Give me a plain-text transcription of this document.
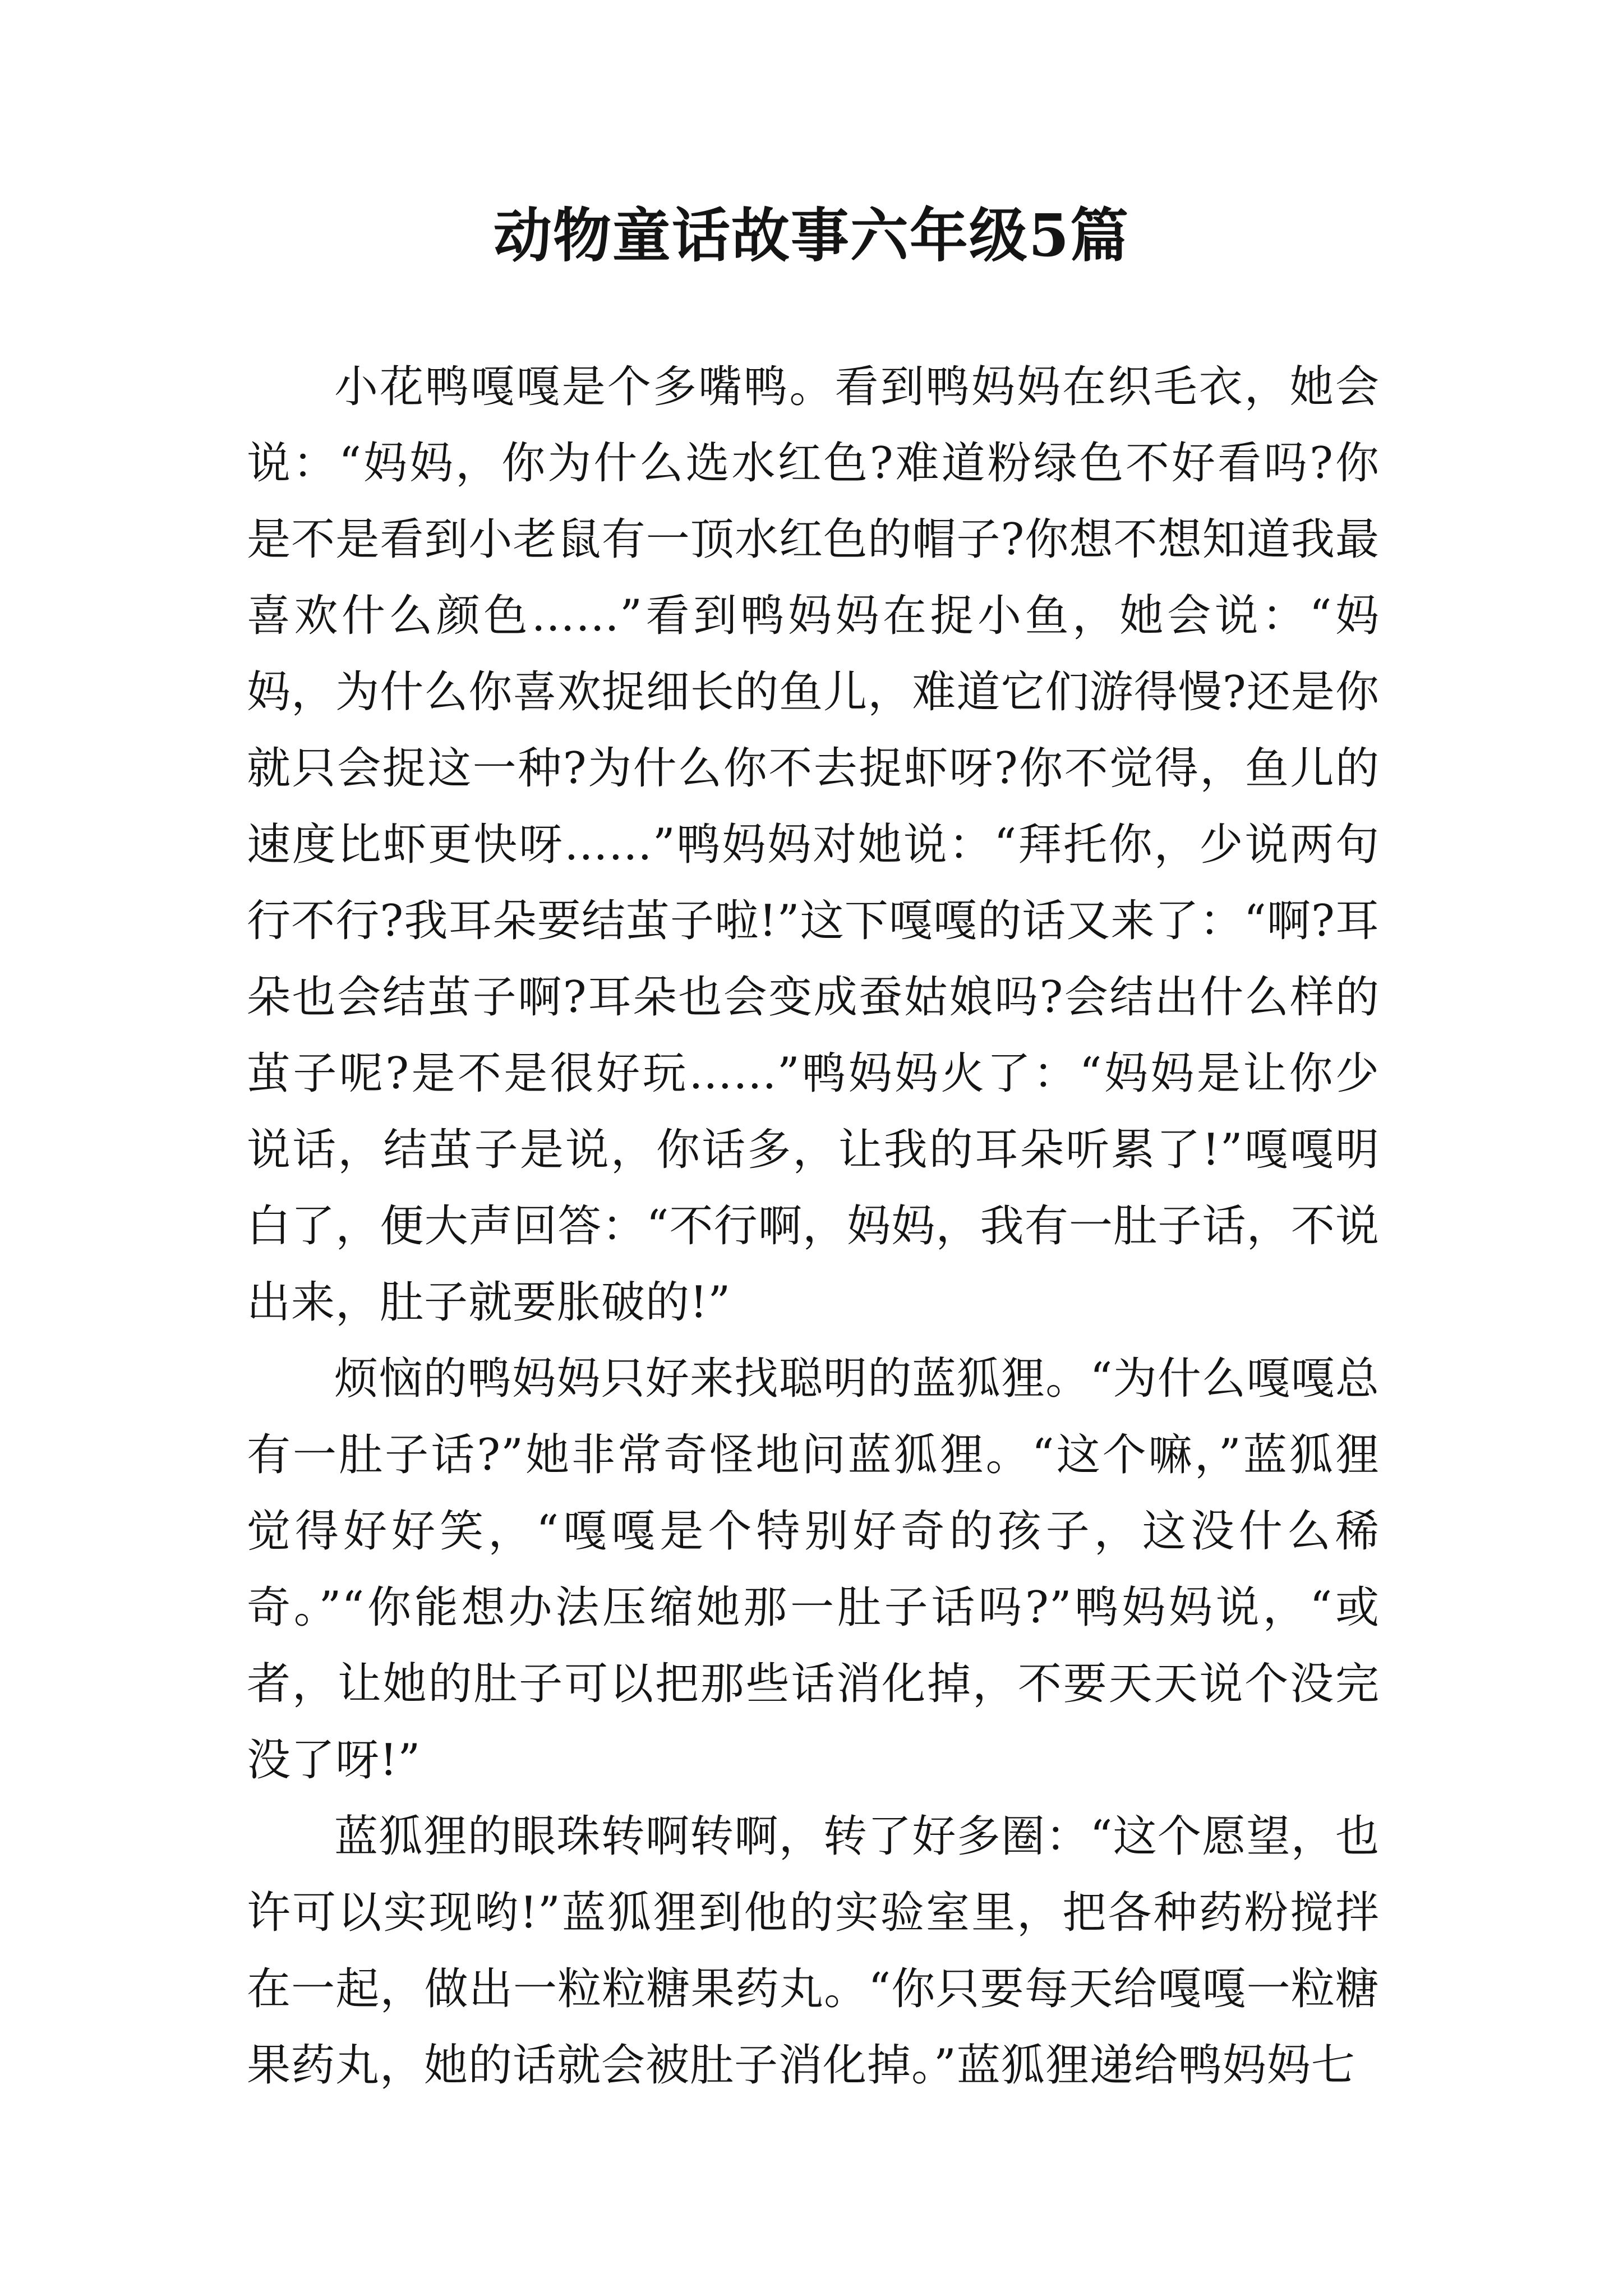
动物童话故事六年级5篇

小花鸭嘎嘎是个多嘴鸭。看到鸭妈妈在织毛衣，她会说：“妈妈，你为什么选水红色?难道粉绿色不好看吗?你是不是看到小老鼠有一顶水红色的帽子?你想不想知道我最喜欢什么颜色……”看到鸭妈妈在捉小鱼，她会说：“妈妈，为什么你喜欢捉细长的鱼儿，难道它们游得慢?还是你就只会捉这一种?为什么你不去捉虾呀?你不觉得，鱼儿的速度比虾更快呀……”鸭妈妈对她说：“拜托你，少说两句行不行?我耳朵要结茧子啦!”这下嘎嘎的话又来了：“啊?耳朵也会结茧子啊?耳朵也会变成蚕姑娘吗?会结出什么样的茧子呢?是不是很好玩……”鸭妈妈火了：“妈妈是让你少说话，结茧子是说，你话多，让我的耳朵听累了!”嘎嘎明白了，便大声回答：“不行啊，妈妈，我有一肚子话，不说出来，肚子就要胀破的!”

烦恼的鸭妈妈只好来找聪明的蓝狐狸。“为什么嘎嘎总有一肚子话?”她非常奇怪地问蓝狐狸。“这个嘛，”蓝狐狸觉得好好笑，“嘎嘎是个特别好奇的孩子，这没什么稀奇。”“你能想办法压缩她那一肚子话吗?”鸭妈妈说，“或者，让她的肚子可以把那些话消化掉，不要天天说个没完没了呀!”

蓝狐狸的眼珠转啊转啊，转了好多圈：“这个愿望，也许可以实现哟!”蓝狐狸到他的实验室里，把各种药粉搅拌在一起，做出一粒粒糖果药丸。“你只要每天给嘎嘎一粒糖果药丸，她的话就会被肚子消化掉。”蓝狐狸递给鸭妈妈七
